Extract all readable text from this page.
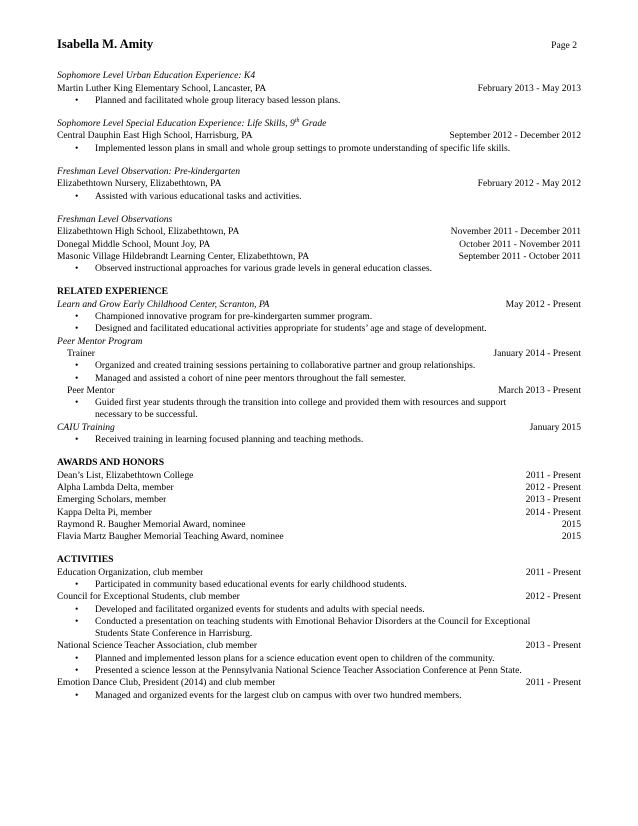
Isabella M. Amity	Page 2
Sophomore Level Urban Education Experience: K4
Martin Luther King Elementary School, Lancaster, PA	February 2013 - May 2013
•	Planned and facilitated whole group literacy based lesson plans.
Sophomore Level Special Education Experience: Life Skills, 9th Grade
Central Dauphin East High School, Harrisburg, PA	September 2012 - December 2012
•	Implemented lesson plans in small and whole group settings to promote understanding of specific life skills.
Freshman Level Observation: Pre-kindergarten
Elizabethtown Nursery, Elizabethtown, PA	February 2012 - May 2012
•	Assisted with various educational tasks and activities.
Freshman Level Observations
Elizabethtown High School, Elizabethtown, PA	November 2011 - December 2011
Donegal Middle School, Mount Joy, PA	October 2011 - November 2011
Masonic Village Hildebrandt Learning Center, Elizabethtown, PA	September 2011 - October 2011
•	Observed instructional approaches for various grade levels in general education classes.
RELATED EXPERIENCE
Learn and Grow Early Childhood Center, Scranton, PA	May 2012 - Present
•	Championed innovative program for pre-kindergarten summer program.
•	Designed and facilitated educational activities appropriate for students’ age and stage of development.
Peer Mentor Program
Trainer	January 2014 - Present
•	Organized and created training sessions pertaining to collaborative partner and group relationships.
•	Managed and assisted a cohort of nine peer mentors throughout the fall semester.
Peer Mentor	March 2013 - Present
•	Guided first year students through the transition into college and provided them with resources and support
necessary to be successful.
CAIU Training	January 2015
•	Received training in learning focused planning and teaching methods.
AWARDS AND HONORS
Dean’s List, Elizabethtown College	2011 - Present
Alpha Lambda Delta, member	2012 - Present
Emerging Scholars, member	2013 - Present
Kappa Delta Pi, member	2014 - Present
Raymond R. Baugher Memorial Award, nominee	2015
Flavia Martz Baugher Memorial Teaching Award, nominee	2015
ACTIVITIES
Education Organization, club member	2011 - Present
•	Participated in community based educational events for early childhood students.
Council for Exceptional Students, club member	2012 - Present
•	Developed and facilitated organized events for students and adults with special needs.
•	Conducted a presentation on teaching students with Emotional Behavior Disorders at the Council for Exceptional
Students State Conference in Harrisburg.
National Science Teacher Association, club member	2013 - Present
•	Planned and implemented lesson plans for a science education event open to children of the community.
•	Presented a science lesson at the Pennsylvania National Science Teacher Association Conference at Penn State.
Emotion Dance Club, President (2014) and club member	2011 - Present
•	Managed and organized events for the largest club on campus with over two hundred members.
